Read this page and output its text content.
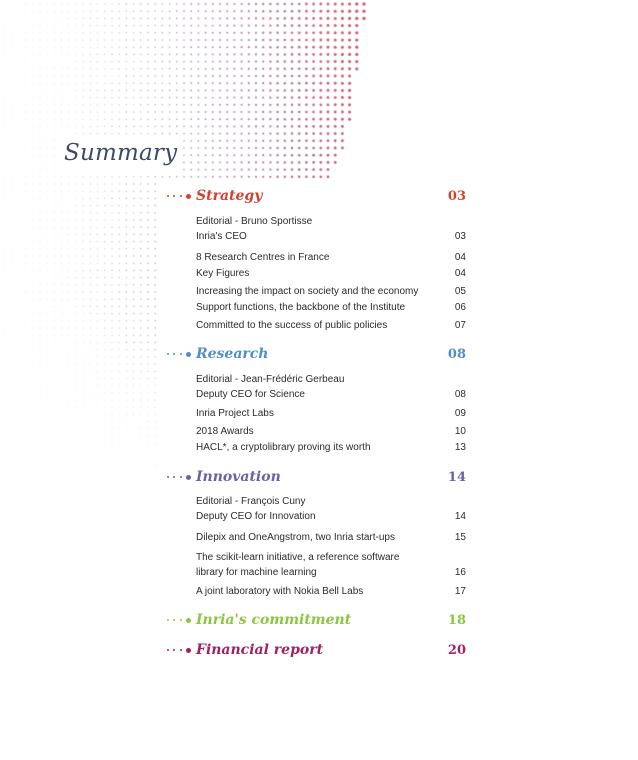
Summary
Strategy	03
Editorial - Bruno Sportisse
Inria's CEO	03
8 Research Centres in France	04
Key Figures	04
Increasing the impact on society and the economy	05
Support functions, the backbone of the Institute	06
Committed to the success of public policies	07
Research	08
Editorial - Jean-Frédéric Gerbeau
Deputy CEO for Science	08
Inria Project Labs	09
2018 Awards	10
HACL*, a cryptolibrary proving its worth	13
Innovation	14
Editorial - François Cuny
Deputy CEO for Innovation	14
Dilepix and OneAngstrom, two Inria start-ups	15
The scikit-learn initiative, a reference software
library for machine learning	16
A joint laboratory with Nokia Bell Labs	17
Inria's commitment	18
Financial report	20
